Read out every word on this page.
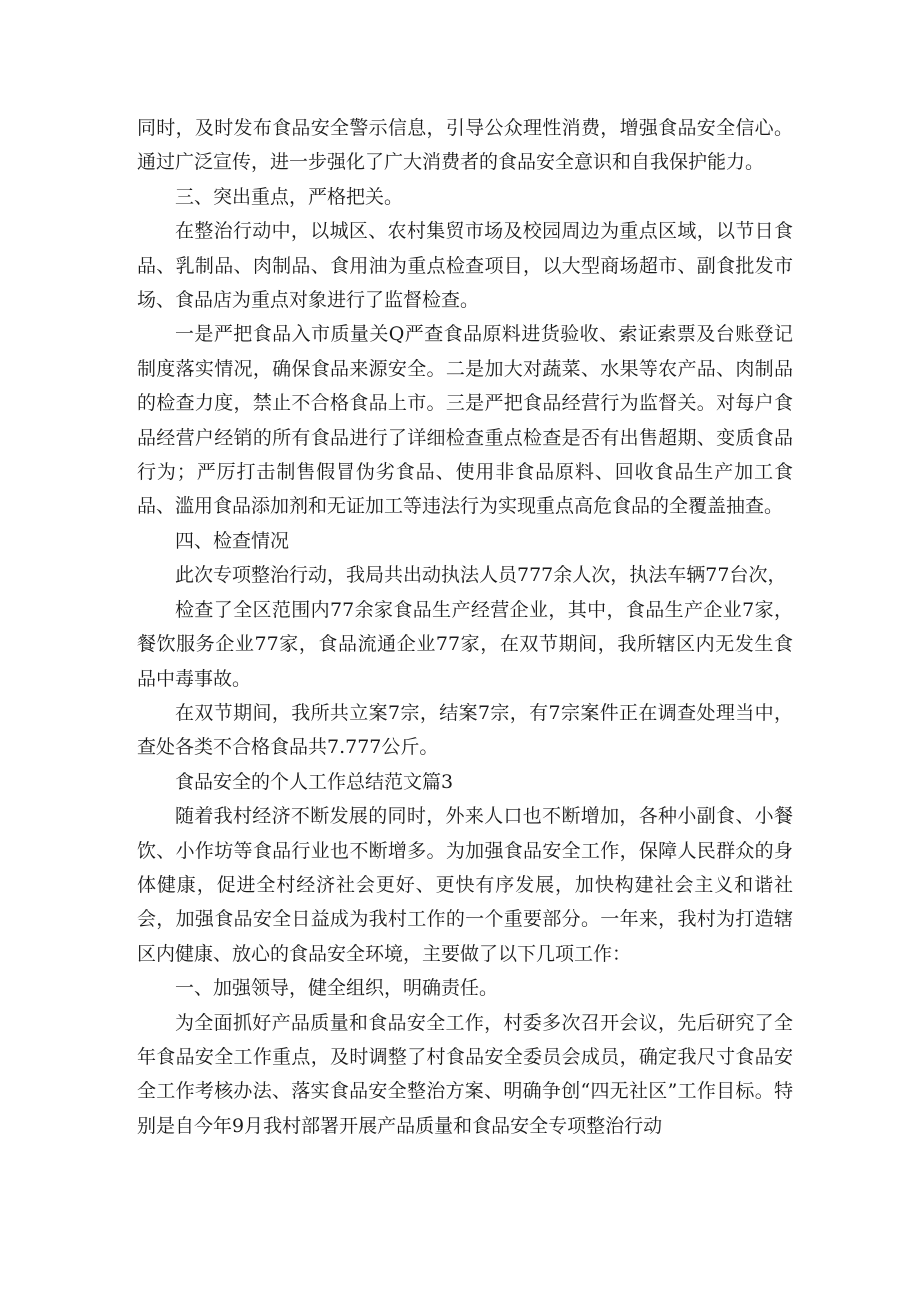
同时，及时发布食品安全警示信息，引导公众理性消费，增强食品安全信心。通过广泛宣传，进一步强化了广大消费者的食品安全意识和自我保护能力。

三、突出重点，严格把关。

在整治行动中，以城区、农村集贸市场及校园周边为重点区域，以节日食品、乳制品、肉制品、食用油为重点检查项目，以大型商场超市、副食批发市场、食品店为重点对象进行了监督检查。

一是严把食品入市质量关Q严查食品原料进货验收、索证索票及台账登记制度落实情况，确保食品来源安全。二是加大对蔬菜、水果等农产品、肉制品的检查力度，禁止不合格食品上市。三是严把食品经营行为监督关。对每户食品经营户经销的所有食品进行了详细检查重点检查是否有出售超期、变质食品行为；严厉打击制售假冒伪劣食品、使用非食品原料、回收食品生产加工食品、滥用食品添加剂和无证加工等违法行为实现重点高危食品的全覆盖抽查。

四、检查情况

此次专项整治行动，我局共出动执法人员777余人次，执法车辆77台次，

检查了全区范围内77余家食品生产经营企业，其中，食品生产企业7家，餐饮服务企业77家，食品流通企业77家，在双节期间，我所辖区内无发生食品中毒事故。

在双节期间，我所共立案7宗，结案7宗，有7宗案件正在调查处理当中，查处各类不合格食品共7.777公斤。

食品安全的个人工作总结范文篇3

随着我村经济不断发展的同时，外来人口也不断增加，各种小副食、小餐饮、小作坊等食品行业也不断增多。为加强食品安全工作，保障人民群众的身体健康，促进全村经济社会更好、更快有序发展，加快构建社会主义和谐社会，加强食品安全日益成为我村工作的一个重要部分。一年来，我村为打造辖区内健康、放心的食品安全环境，主要做了以下几项工作：

一、加强领导，健全组织，明确责任。

为全面抓好产品质量和食品安全工作，村委多次召开会议，先后研究了全年食品安全工作重点，及时调整了村食品安全委员会成员，确定我尺寸食品安全工作考核办法、落实食品安全整治方案、明确争创“四无社区”工作目标。特别是自今年9月我村部署开展产品质量和食品安全专项整治行动
